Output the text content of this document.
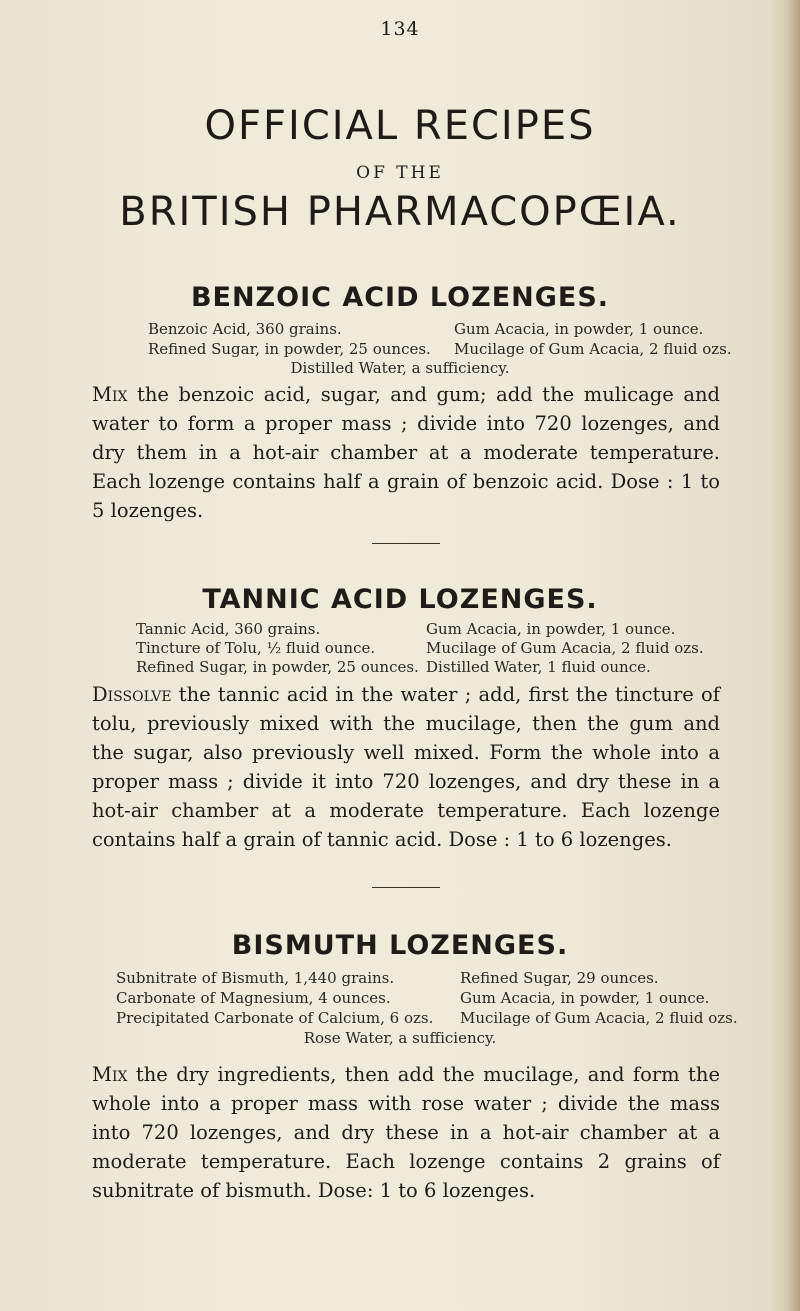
134
OFFICIAL RECIPES
OF THE
BRITISH PHARMACOPŒIA.
BENZOIC ACID LOZENGES.
Benzoic Acid, 360 grains.
Refined Sugar, in powder, 25 ounces.
Gum Acacia, in powder, 1 ounce.
Mucilage of Gum Acacia, 2 fluid ozs.
Distilled Water, a sufficiency.
Mix the benzoic acid, sugar, and gum; add the mulicage and water to form a proper mass ; divide into 720 lozenges, and dry them in a hot-air chamber at a moderate temperature. Each lozenge contains half a grain of benzoic acid. Dose : 1 to 5 lozenges.
TANNIC ACID LOZENGES.
Tannic Acid, 360 grains.
Tincture of Tolu, ½ fluid ounce.
Refined Sugar, in powder, 25 ounces.
Gum Acacia, in powder, 1 ounce.
Mucilage of Gum Acacia, 2 fluid ozs.
Distilled Water, 1 fluid ounce.
Dissolve the tannic acid in the water ; add, first the tincture of tolu, previously mixed with the mucilage, then the gum and the sugar, also previously well mixed. Form the whole into a proper mass ; divide it into 720 lozenges, and dry these in a hot-air chamber at a moderate temperature. Each lozenge contains half a grain of tannic acid. Dose : 1 to 6 lozenges.
BISMUTH LOZENGES.
Subnitrate of Bismuth, 1,440 grains.
Carbonate of Magnesium, 4 ounces.
Precipitated Carbonate of Calcium, 6 ozs.
Refined Sugar, 29 ounces.
Gum Acacia, in powder, 1 ounce.
Mucilage of Gum Acacia, 2 fluid ozs.
Rose Water, a sufficiency.
Mix the dry ingredients, then add the mucilage, and form the whole into a proper mass with rose water ; divide the mass into 720 lozenges, and dry these in a hot-air chamber at a moderate temperature. Each lozenge contains 2 grains of subnitrate of bismuth. Dose: 1 to 6 lozenges.
